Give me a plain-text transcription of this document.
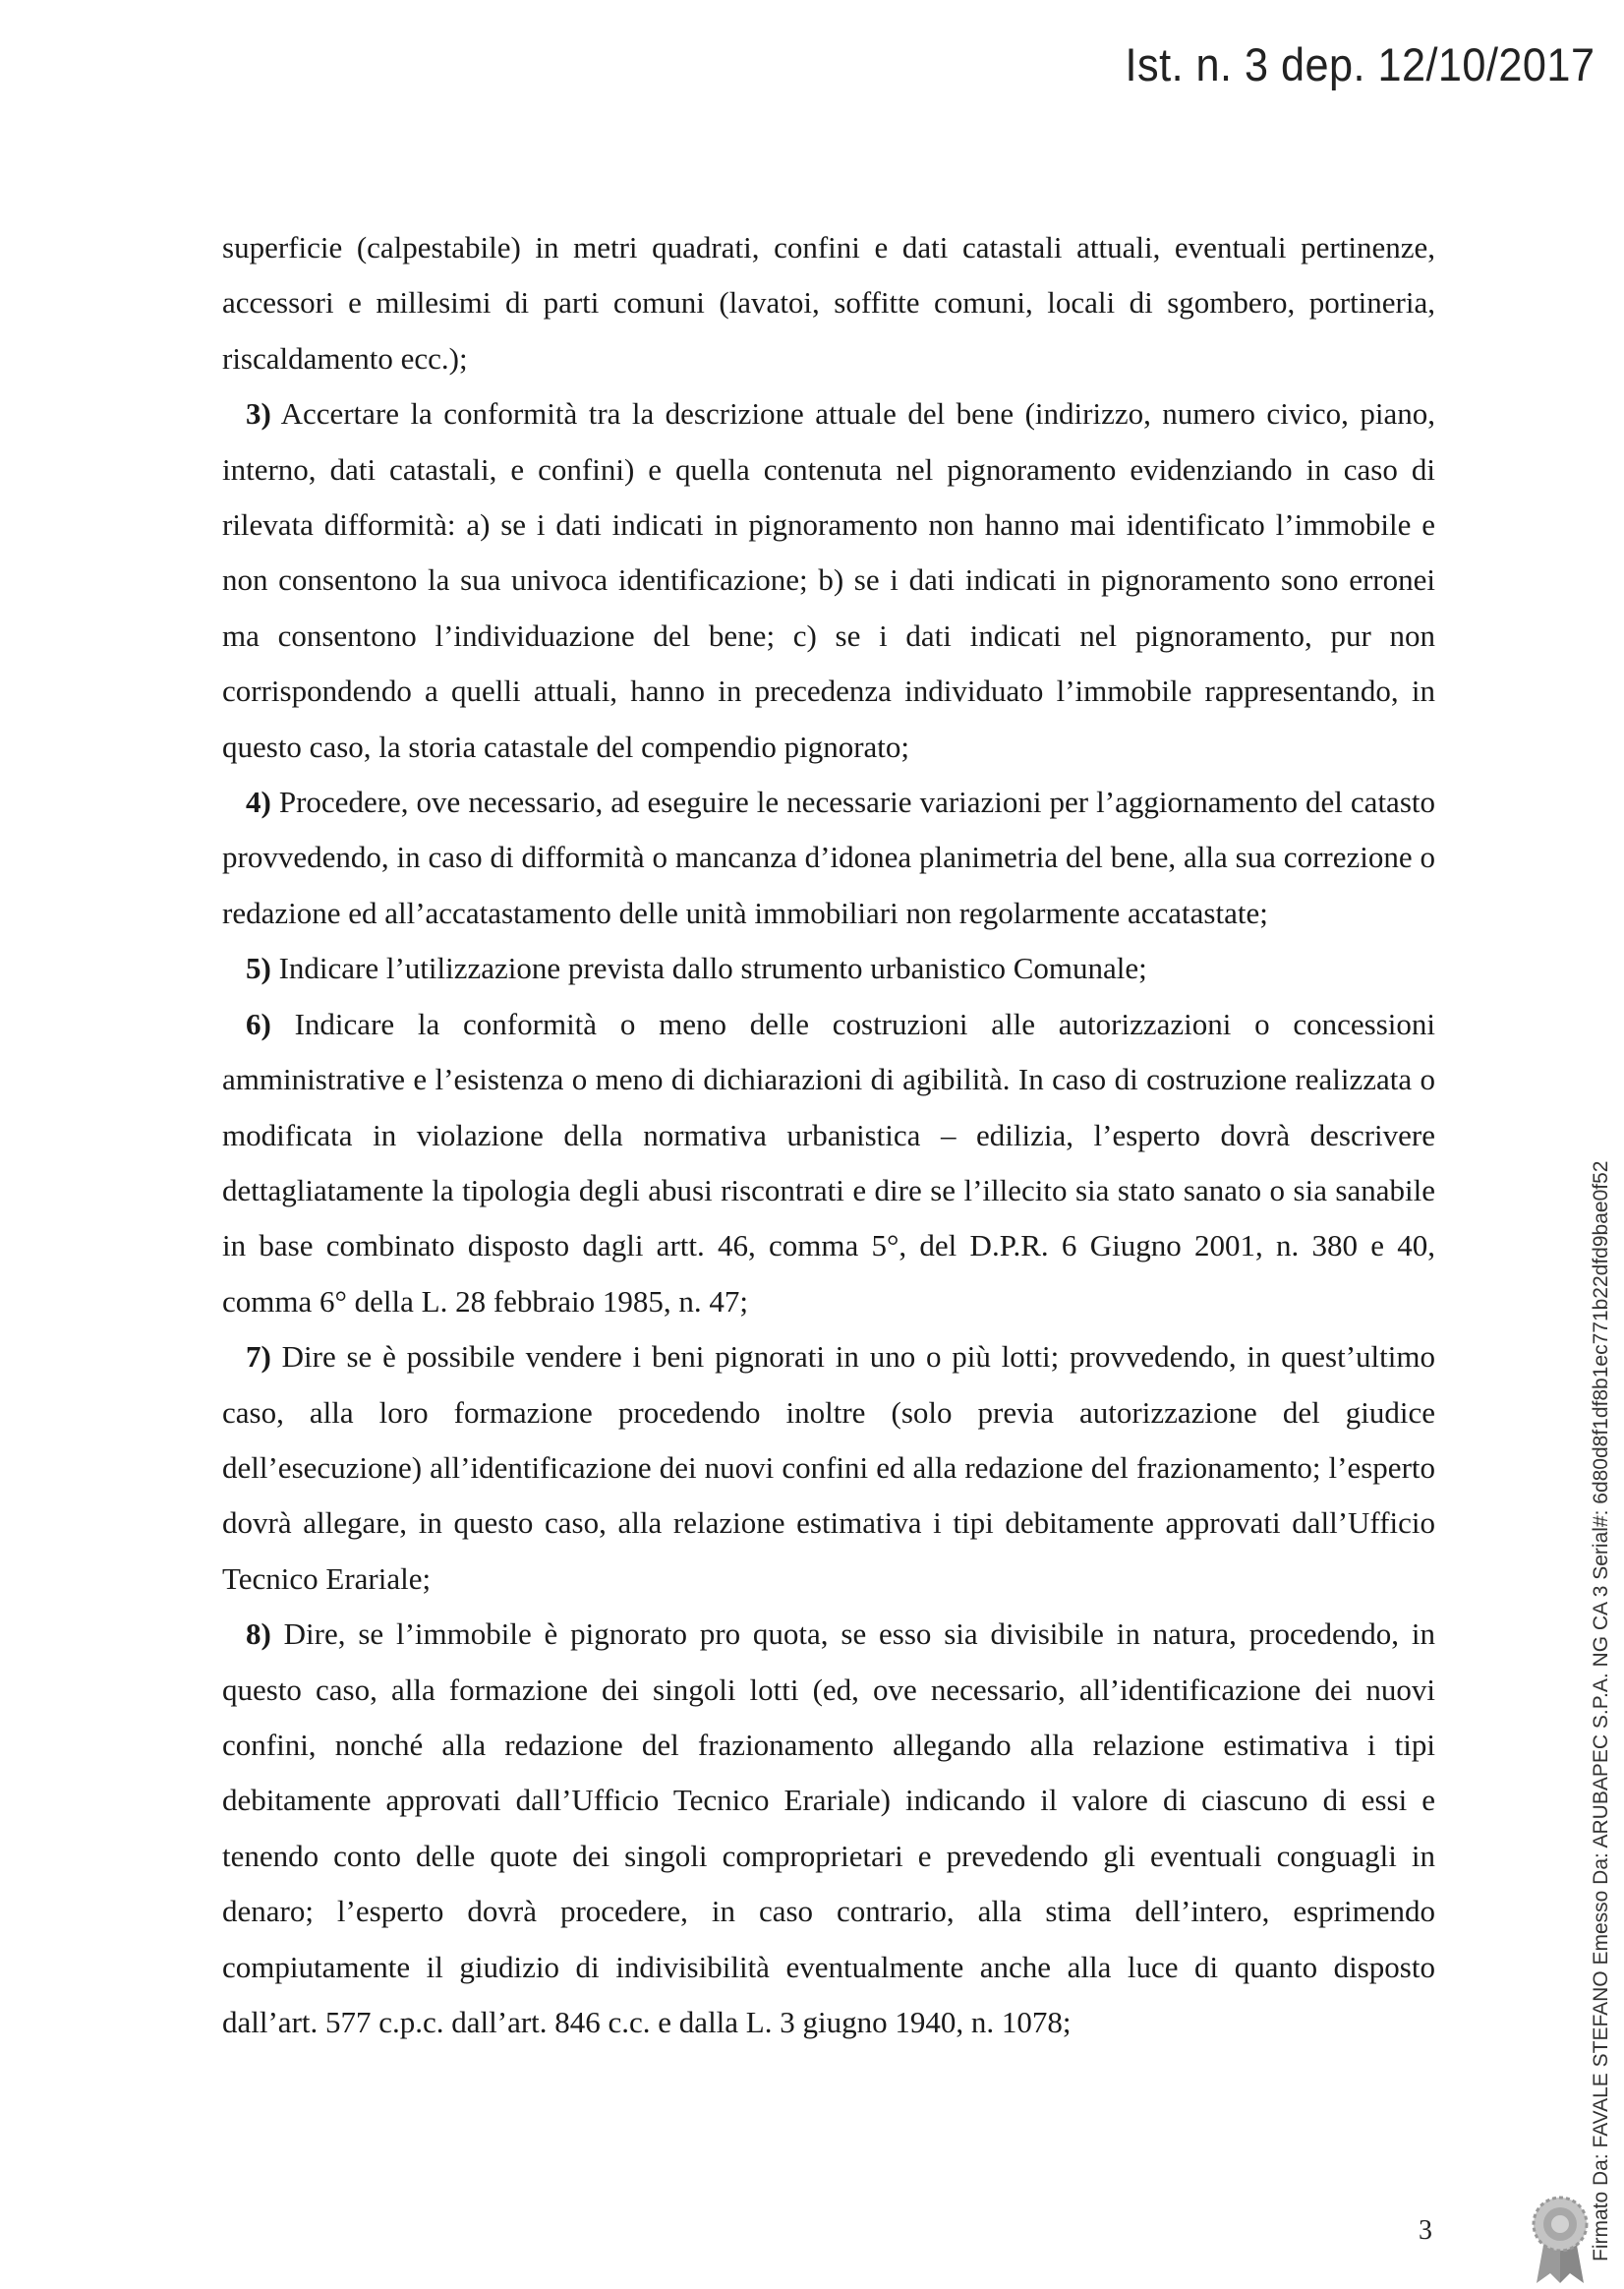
Ist. n. 3 dep. 12/10/2017

superficie (calpestabile) in metri quadrati, confini e dati catastali attuali, eventuali pertinenze, accessori e millesimi di parti comuni (lavatoi, soffitte comuni, locali di sgombero, portineria, riscaldamento ecc.);

3) Accertare la conformità tra la descrizione attuale del bene (indirizzo, numero civico, piano, interno, dati catastali, e confini) e quella contenuta nel pignoramento evidenziando in caso di rilevata difformità: a) se i dati indicati in pignoramento non hanno mai identificato l’immobile e non consentono la sua univoca identificazione; b) se i dati indicati in pignoramento sono erronei ma consentono l’individuazione del bene; c) se i dati indicati nel pignoramento, pur non corrispondendo a quelli attuali, hanno in precedenza individuato l’immobile rappresentando, in questo caso, la storia catastale del compendio pignorato;

4) Procedere, ove necessario, ad eseguire le necessarie variazioni per l’aggiornamento del catasto provvedendo, in caso di difformità o mancanza d’idonea planimetria del bene, alla sua correzione o redazione ed all’accatastamento delle unità immobiliari non regolarmente accatastate;

5) Indicare l’utilizzazione prevista dallo strumento urbanistico Comunale;

6) Indicare la conformità o meno delle costruzioni alle autorizzazioni o concessioni amministrative e l’esistenza o meno di dichiarazioni di agibilità. In caso di costruzione realizzata o modificata in violazione della normativa urbanistica – edilizia, l’esperto dovrà descrivere dettagliatamente la tipologia degli abusi riscontrati e dire se l’illecito sia stato sanato o sia sanabile in base combinato disposto dagli artt. 46, comma 5°, del D.P.R. 6 Giugno 2001, n. 380 e 40, comma 6° della L. 28 febbraio 1985, n. 47;

7) Dire se è possibile vendere i beni pignorati in uno o più lotti; provvedendo, in quest’ultimo caso, alla loro formazione procedendo inoltre (solo previa autorizzazione del giudice dell’esecuzione) all’identificazione dei nuovi confini ed alla redazione del frazionamento; l’esperto dovrà allegare, in questo caso, alla relazione estimativa i tipi debitamente approvati dall’Ufficio Tecnico Erariale;

8) Dire, se l’immobile è pignorato pro quota, se esso sia divisibile in natura, procedendo, in questo caso, alla formazione dei singoli lotti (ed, ove necessario, all’identificazione dei nuovi confini, nonché alla redazione del frazionamento allegando alla relazione estimativa i tipi debitamente approvati dall’Ufficio Tecnico Erariale) indicando il valore di ciascuno di essi e tenendo conto delle quote dei singoli comproprietari e prevedendo gli eventuali conguagli in denaro; l’esperto dovrà procedere, in caso contrario, alla stima dell’intero, esprimendo compiutamente il giudizio di indivisibilità eventualmente anche alla luce di quanto disposto dall’art. 577 c.p.c. dall’art. 846 c.c. e dalla L. 3 giugno 1940, n. 1078;	Firmato Da: FAVALE STEFANO Emesso Da: ARUBAPEC S.P.A. NG CA 3 Serial#: 6d80d8f1df8b1ec771b22dfd9bae0f52
3
